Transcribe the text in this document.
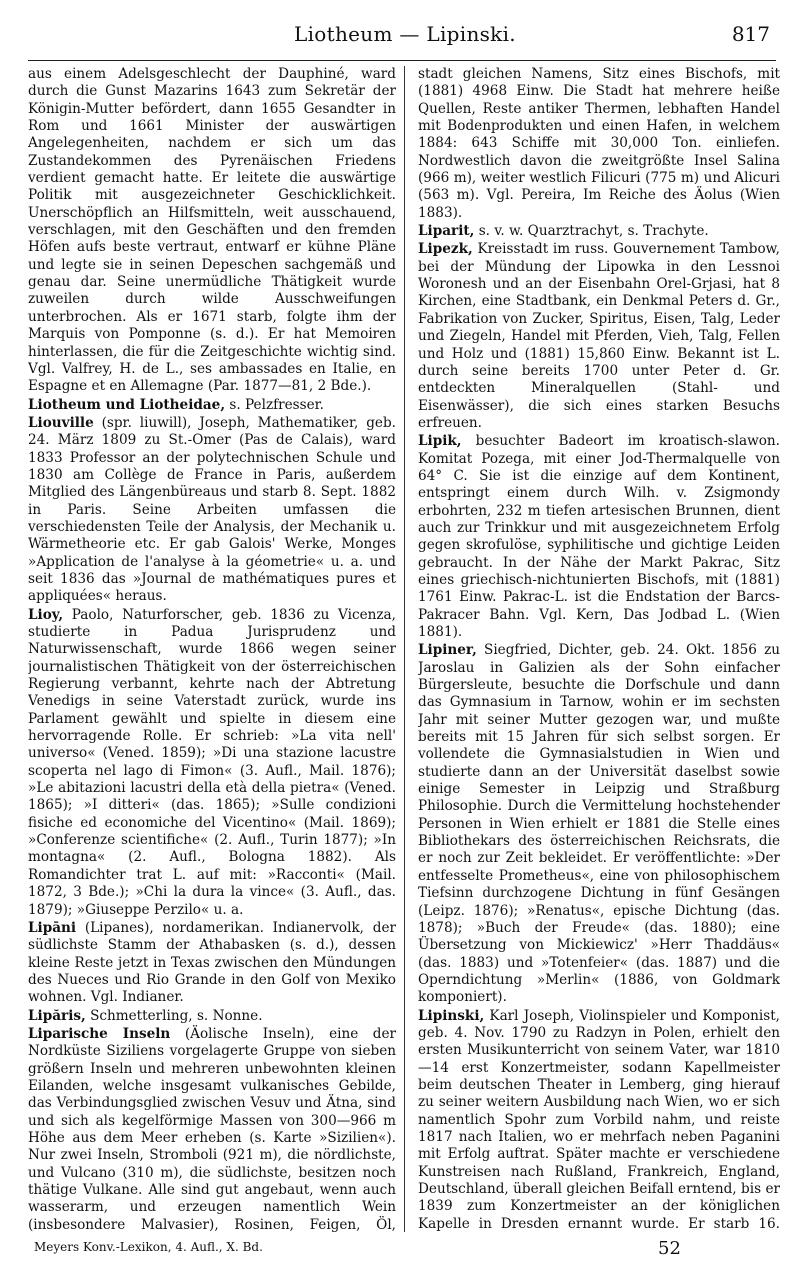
Liotheum — Lipinski.	817

aus einem Adelsgeschlecht der Dauphiné, ward durch die Gunst Mazarins 1643 zum Sekretär der Königin-Mutter befördert, dann 1655 Gesandter in Rom und 1661 Minister der auswärtigen Angelegenheiten, nachdem er sich um das Zustandekommen des Pyrenäischen Friedens verdient gemacht hatte. Er leitete die auswärtige Politik mit ausgezeichneter Geschicklichkeit. Unerschöpflich an Hilfsmitteln, weit ausschauend, verschlagen, mit den Geschäften und den fremden Höfen aufs beste vertraut, entwarf er kühne Pläne und legte sie in seinen Depeschen sachgemäß und genau dar. Seine unermüdliche Thätigkeit wurde zuweilen durch wilde Ausschweifungen unterbrochen. Als er 1671 starb, folgte ihm der Marquis von Pomponne (s. d.). Er hat Memoiren hinterlassen, die für die Zeitgeschichte wichtig sind. Vgl. Valfrey, H. de L., ses ambassades en Italie, en Espagne et en Allemagne (Par. 1877—81, 2 Bde.).

Liotheum und Liotheidae, s. Pelzfresser.

Liouville (spr. liuwill), Joseph, Mathematiker, geb. 24. März 1809 zu St.-Omer (Pas de Calais), ward 1833 Professor an der polytechnischen Schule und 1830 am Collège de France in Paris, außerdem Mitglied des Längenbüreaus und starb 8. Sept. 1882 in Paris. Seine Arbeiten umfassen die verschiedensten Teile der Analysis, der Mechanik u. Wärmetheorie etc. Er gab Galois' Werke, Monges »Application de l'analyse à la géometrie« u. a. und seit 1836 das »Journal de mathématiques pures et appliquées« heraus.

Lioy, Paolo, Naturforscher, geb. 1836 zu Vicenza, studierte in Padua Jurisprudenz und Naturwissenschaft, wurde 1866 wegen seiner journalistischen Thätigkeit von der österreichischen Regierung verbannt, kehrte nach der Abtretung Venedigs in seine Vaterstadt zurück, wurde ins Parlament gewählt und spielte in diesem eine hervorragende Rolle. Er schrieb: »La vita nell' universo« (Vened. 1859); »Di una stazione lacustre scoperta nel lago di Fimon« (3. Aufl., Mail. 1876); »Le abitazioni lacustri della età della pietra« (Vened. 1865); »I ditteri« (das. 1865); »Sulle condizioni fisiche ed economiche del Vicentino« (Mail. 1869); »Conferenze scientifiche« (2. Aufl., Turin 1877); »In montagna« (2. Aufl., Bologna 1882). Als Romandichter trat L. auf mit: »Racconti« (Mail. 1872, 3 Bde.); »Chi la dura la vince« (3. Aufl., das. 1879); »Giuseppe Perzilo« u. a.

Lipāni (Lipanes), nordamerikan. Indianervolk, der südlichste Stamm der Athabasken (s. d.), dessen kleine Reste jetzt in Texas zwischen den Mündungen des Nueces und Rio Grande in den Golf von Mexiko wohnen. Vgl. Indianer.

Lipăris, Schmetterling, s. Nonne.

Liparische Inseln (Äolische Inseln), eine der Nordküste Siziliens vorgelagerte Gruppe von sieben größern Inseln und mehreren unbewohnten kleinen Eilanden, welche insgesamt vulkanisches Gebilde, das Verbindungsglied zwischen Vesuv und Ätna, sind und sich als kegelförmige Massen von 300—966 m Höhe aus dem Meer erheben (s. Karte »Sizilien«). Nur zwei Inseln, Stromboli (921 m), die nördlichste, und Vulcano (310 m), die südlichste, besitzen noch thätige Vulkane. Alle sind gut angebaut, wenn auch wasserarm, und erzeugen namentlich Wein (insbesondere Malvasier), Rosinen, Feigen, Öl,

stadt gleichen Namens, Sitz eines Bischofs, mit (1881) 4968 Einw. Die Stadt hat mehrere heiße Quellen, Reste antiker Thermen, lebhaften Handel mit Bodenprodukten und einen Hafen, in welchem 1884: 643 Schiffe mit 30,000 Ton. einliefen. Nordwestlich davon die zweitgrößte Insel Salina (966 m), weiter westlich Filicuri (775 m) und Alicuri (563 m). Vgl. Pereira, Im Reiche des Äolus (Wien 1883).

Liparit, s. v. w. Quarztrachyt, s. Trachyte.

Lipezk, Kreisstadt im russ. Gouvernement Tambow, bei der Mündung der Lipowka in den Lessnoi Woronesh und an der Eisenbahn Orel-Grjasi, hat 8 Kirchen, eine Stadtbank, ein Denkmal Peters d. Gr., Fabrikation von Zucker, Spiritus, Eisen, Talg, Leder und Ziegeln, Handel mit Pferden, Vieh, Talg, Fellen und Holz und (1881) 15,860 Einw. Bekannt ist L. durch seine bereits 1700 unter Peter d. Gr. entdeckten Mineralquellen (Stahl- und Eisenwässer), die sich eines starken Besuchs erfreuen.

Lipik, besuchter Badeort im kroatisch-slawon. Komitat Pozega, mit einer Jod-Thermalquelle von 64° C. Sie ist die einzige auf dem Kontinent, entspringt einem durch Wilh. v. Zsigmondy erbohrten, 232 m tiefen artesischen Brunnen, dient auch zur Trinkkur und mit ausgezeichnetem Erfolg gegen skrofulöse, syphilitische und gichtige Leiden gebraucht. In der Nähe der Markt Pakrac, Sitz eines griechisch-nichtunierten Bischofs, mit (1881) 1761 Einw. Pakrac-L. ist die Endstation der Barcs-Pakracer Bahn. Vgl. Kern, Das Jodbad L. (Wien 1881).

Lipiner, Siegfried, Dichter, geb. 24. Okt. 1856 zu Jaroslau in Galizien als der Sohn einfacher Bürgersleute, besuchte die Dorfschule und dann das Gymnasium in Tarnow, wohin er im sechsten Jahr mit seiner Mutter gezogen war, und mußte bereits mit 15 Jahren für sich selbst sorgen. Er vollendete die Gymnasialstudien in Wien und studierte dann an der Universität daselbst sowie einige Semester in Leipzig und Straßburg Philosophie. Durch die Vermittelung hochstehender Personen in Wien erhielt er 1881 die Stelle eines Bibliothekars des österreichischen Reichsrats, die er noch zur Zeit bekleidet. Er veröffentlichte: »Der entfesselte Prometheus«, eine von philosophischem Tiefsinn durchzogene Dichtung in fünf Gesängen (Leipz. 1876); »Renatus«, epische Dichtung (das. 1878); »Buch der Freude« (das. 1880); eine Übersetzung von Mickiewicz' »Herr Thaddäus« (das. 1883) und »Totenfeier« (das. 1887) und die Operndichtung »Merlin« (1886, von Goldmark komponiert).

Lipinski, Karl Joseph, Violinspieler und Komponist, geb. 4. Nov. 1790 zu Radzyn in Polen, erhielt den ersten Musikunterricht von seinem Vater, war 1810—14 erst Konzertmeister, sodann Kapellmeister beim deutschen Theater in Lemberg, ging hierauf zu seiner weitern Ausbildung nach Wien, wo er sich namentlich Spohr zum Vorbild nahm, und reiste 1817 nach Italien, wo er mehrfach neben Paganini mit Erfolg auftrat. Später machte er verschiedene Kunstreisen nach Rußland, Frankreich, England, Deutschland, überall gleichen Beifall erntend, bis er 1839 zum Konzertmeister an der königlichen Kapelle in Dresden ernannt wurde. Er starb 16.

Meyers Konv.-Lexikon, 4. Aufl., X. Bd.	52
